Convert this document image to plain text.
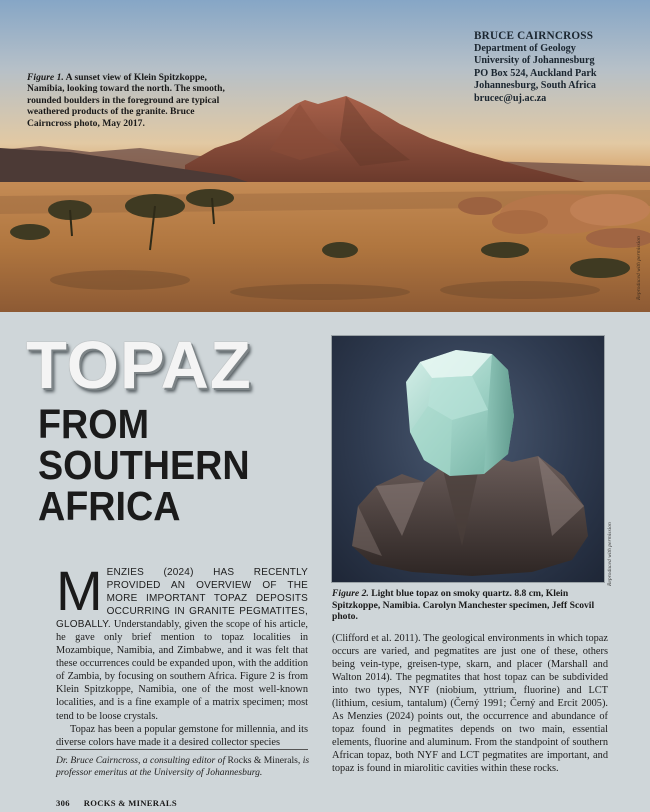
Figure 1. A sunset view of Klein Spitzkoppe, Namibia, looking toward the north. The smooth, rounded boulders in the foreground are typical weathered products of the granite. Bruce Cairncross photo, May 2017.
BRUCE CAIRNCROSS
Department of Geology
University of Johannesburg
PO Box 524, Auckland Park
Johannesburg, South Africa
brucec@uj.ac.za
Reproduced with permission
TOPAZ
FROM
SOUTHERN
AFRICA
Reproduced with permission
Figure 2. Light blue topaz on smoky quartz. 8.8 cm, Klein Spitzkoppe, Namibia. Carolyn Manchester specimen, Jeff Scovil photo.

M ENZIES (2024) HAS RECENTLY PROVIDED AN OVERVIEW OF THE MORE IMPORTANT TOPAZ DEPOSITS OCCURRING IN GRANITE PEGMATITES, GLOBALLY. Understandably, given the scope of his article, he gave only brief mention to topaz localities in Mozambique, Namibia, and Zimbabwe, and it was felt that these occurrences could be expanded upon, with the addition of Zambia, by focusing on southern Africa. Figure 2 is from Klein Spitzkoppe, Namibia, one of the most well-known localities, and is a fine example of a matrix specimen; most tend to be loose crystals.

Topaz has been a popular gemstone for millennia, and its diverse colors have made it a desired collector species

(Clifford et al. 2011). The geological environments in which topaz occurs are varied, and pegmatites are just one of these, others being vein-type, greisen-type, skarn, and placer (Marshall and Walton 2014). The pegmatites that host topaz can be subdivided into two types, NYF (niobium, yttrium, fluorine) and LCT (lithium, cesium, tantalum) (Černý 1991; Černý and Ercit 2005). As Menzies (2024) points out, the occurrence and abundance of topaz found in pegmatites depends on two main, essential elements, fluorine and aluminum. From the standpoint of southern African topaz, both NYF and LCT pegmatites are important, and topaz is found in miarolitic cavities within these rocks.

Dr. Bruce Cairncross, a consulting editor of Rocks & Minerals, is professor emeritus at the University of Johannesburg.
306 ROCKS & MINERALS
